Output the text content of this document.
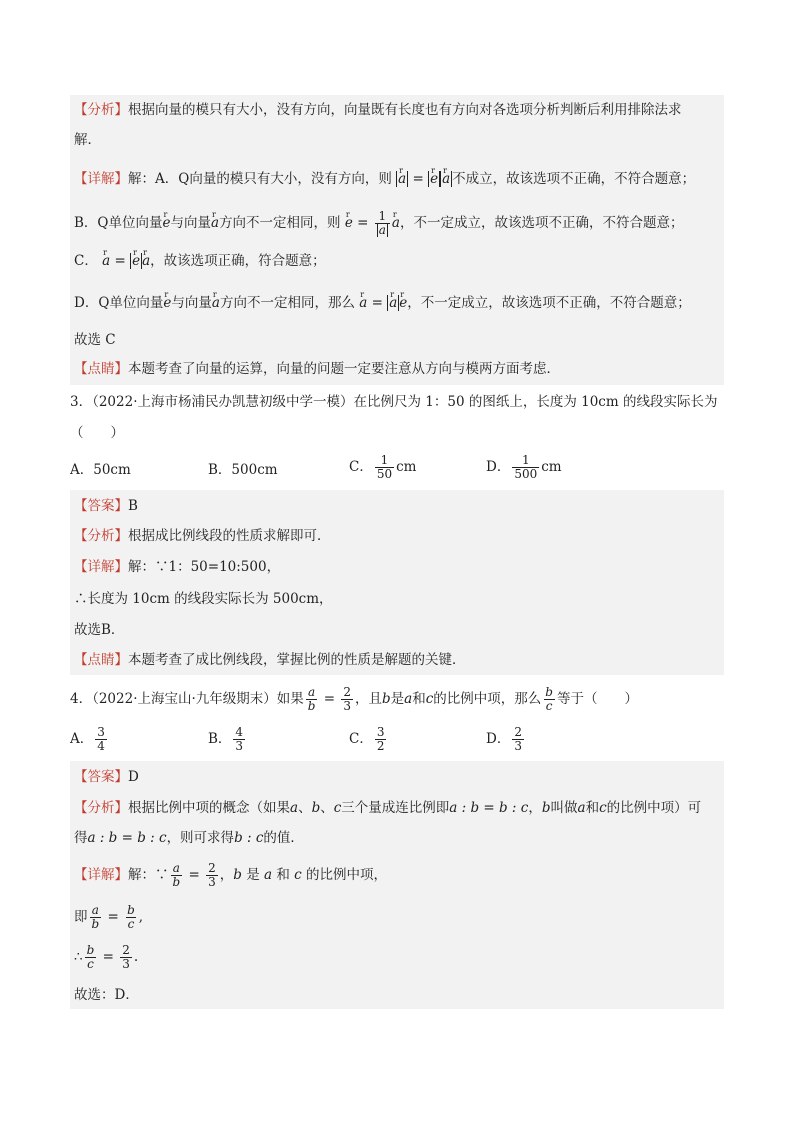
【分析】根据向量的模只有大小，没有方向，向量既有长度也有方向对各选项分析判断后利用排除法求
解．
【详解】解：A．Q向量的模只有大小，没有方向，则 r a = r e r a 不成立，故该选项不正确，不符合题意；
B．Q单位向量r e与向量r a方向不一定相同，则 r $e = \frac{1}{a}$ r a，不一定成立，故该选项不正确，不符合题意；
C． r a = r e r a，故该选项正确，符合题意；
D．Q单位向量r e与向量r a方向不一定相同，那么 r a = r a r e，不一定成立，故该选项不正确，不符合题意；
故选 C
【点睛】本题考查了向量的运算，向量的问题一定要注意从方向与模两方面考虑．
3．（2022·上海市杨浦民办凯慧初级中学一模）在比例尺为 1：50 的图纸上，长度为 10cm 的线段实际长为
（　　）
A．50cm	B．500cm	C． $\frac{1}{50}$ cm	D． $\frac{1}{500}$ cm
【答案】B
【分析】根据成比例线段的性质求解即可．
【详解】解：∵1：50=10:500，
∴长度为 10cm 的线段实际长为 500cm，
故选B．
【点睛】本题考查了成比例线段，掌握比例的性质是解题的关键．
4．（2022·上海宝山·九年级期末）如果 $\frac{a}{b} = \frac{2}{3}$ ，且b是a和c的比例中项，那么 $\frac{b}{c}$ 等于（　　）
A． $\frac{3}{4}$	B． $\frac{4}{3}$	C． $\frac{3}{2}$	D． $\frac{2}{3}$
【答案】D
【分析】根据比例中项的概念（如果a、b、c三个量成连比例即a : b = b : c，b叫做a和c的比例中项）可
得a : b = b : c，则可求得b : c的值．
【详解】解：∵ $\frac{a}{b} = \frac{2}{3}$ ，b 是 a 和 c 的比例中项，
即 $\frac{a}{b} = \frac{b}{c}$ ,
∴ $\frac{b}{c} = \frac{2}{3}$ .
故选：D．
